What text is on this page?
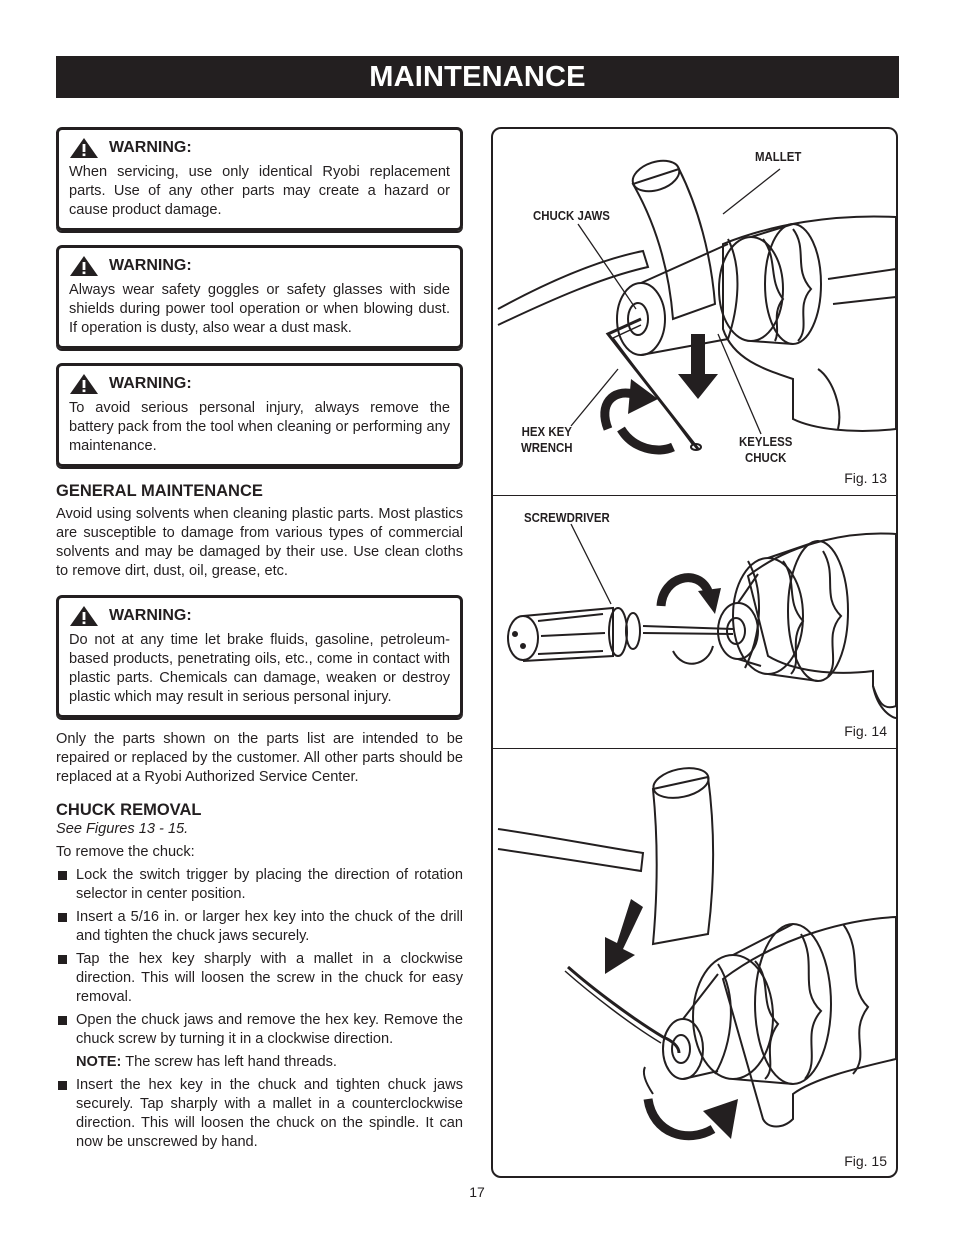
MAINTENANCE
WARNING:
When servicing, use only identical Ryobi replacement parts. Use of any other parts may create a hazard or cause product damage.
WARNING:
Always wear safety goggles or safety glasses with side shields during power tool operation or when blowing dust. If operation is dusty, also wear a dust mask.
WARNING:
To avoid serious personal injury, always remove the battery pack from the tool when cleaning or performing any maintenance.
GENERAL MAINTENANCE

Avoid using solvents when cleaning plastic parts. Most plastics are susceptible to damage from various types of commercial solvents and may be damaged by their use. Use clean cloths to remove dirt, dust, oil, grease, etc.

WARNING:
Do not at any time let brake fluids, gasoline, petroleum-based products, penetrating oils, etc., come in contact with plastic parts. Chemicals can damage, weaken or destroy plastic which may result in serious personal injury.

Only the parts shown on the parts list are intended to be repaired or replaced by the customer. All other parts should be replaced at a Ryobi Authorized Service Center.

CHUCK REMOVAL

See Figures 13 - 15.

To remove the chuck:

Lock the switch trigger by placing the direction of rotation selector in center position.
Insert a 5/16 in. or larger hex key into the chuck of the drill and tighten the chuck jaws securely.
Tap the hex key sharply with a mallet in a clockwise direction. This will loosen the screw in the chuck for easy removal.
Open the chuck jaws and remove the hex key. Remove the chuck screw by turning it in a clockwise direction.
NOTE: The screw has left hand threads.
Insert the hex key in the chuck and tighten chuck jaws securely. Tap sharply with a mallet in a counterclockwise direction. This will loosen the chuck on the spindle. It can now be unscrewed by hand.
MALLET
CHUCK JAWS
HEX KEY
WRENCH	KEYLESS
CHUCK
Fig. 13
SCREWDRIVER
Fig. 14
Fig. 15
17
